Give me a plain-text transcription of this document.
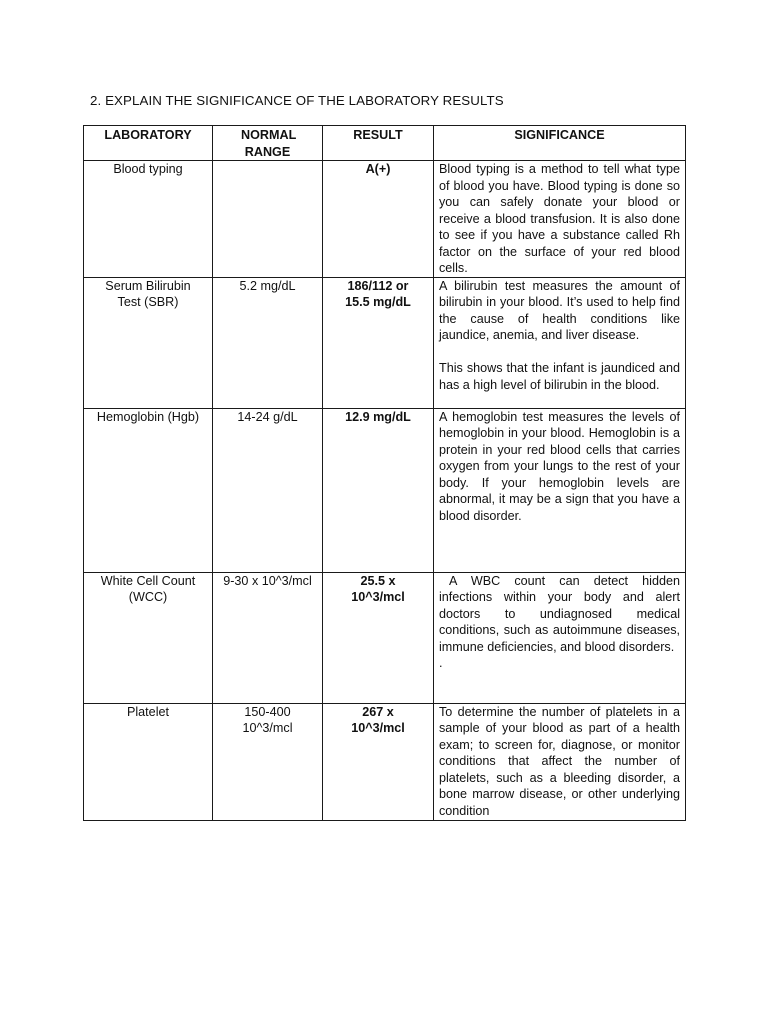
2. EXPLAIN THE SIGNIFICANCE OF THE LABORATORY RESULTS
LABORATORY	NORMAL RANGE	RESULT	SIGNIFICANCE
Blood typing		A(+)	Blood typing is a method to tell what type of blood you have. Blood typing is done so you can safely donate your blood or receive a blood transfusion. It is also done to see if you have a substance called Rh factor on the surface of your red blood cells.

Serum Bilirubin Test (SBR)	5.2 mg/dL	186/112 or 15.5 mg/dL	A bilirubin test measures the amount of bilirubin in your blood. It’s used to help find the cause of health conditions like jaundice, anemia, and liver disease.

This shows that the infant is jaundiced and has a high level of bilirubin in the blood.

Hemoglobin (Hgb)	14-24 g/dL	12.9 mg/dL	A hemoglobin test measures the levels of hemoglobin in your blood. Hemoglobin is a protein in your red blood cells that carries oxygen from your lungs to the rest of your body. If your hemoglobin levels are abnormal, it may be a sign that you have a blood disorder.

White Cell Count (WCC)	9-30 x 10^3/mcl	25.5 x 10^3/mcl	A WBC count can detect hidden infections within your body and alert doctors to undiagnosed medical conditions, such as autoimmune diseases, immune deficiencies, and blood disorders.

.

Platelet	150-400 10^3/mcl	267 x 10^3/mcl	To determine the number of platelets in a sample of your blood as part of a health exam; to screen for, diagnose, or monitor conditions that affect the number of platelets, such as a bleeding disorder, a bone marrow disease, or other underlying condition
